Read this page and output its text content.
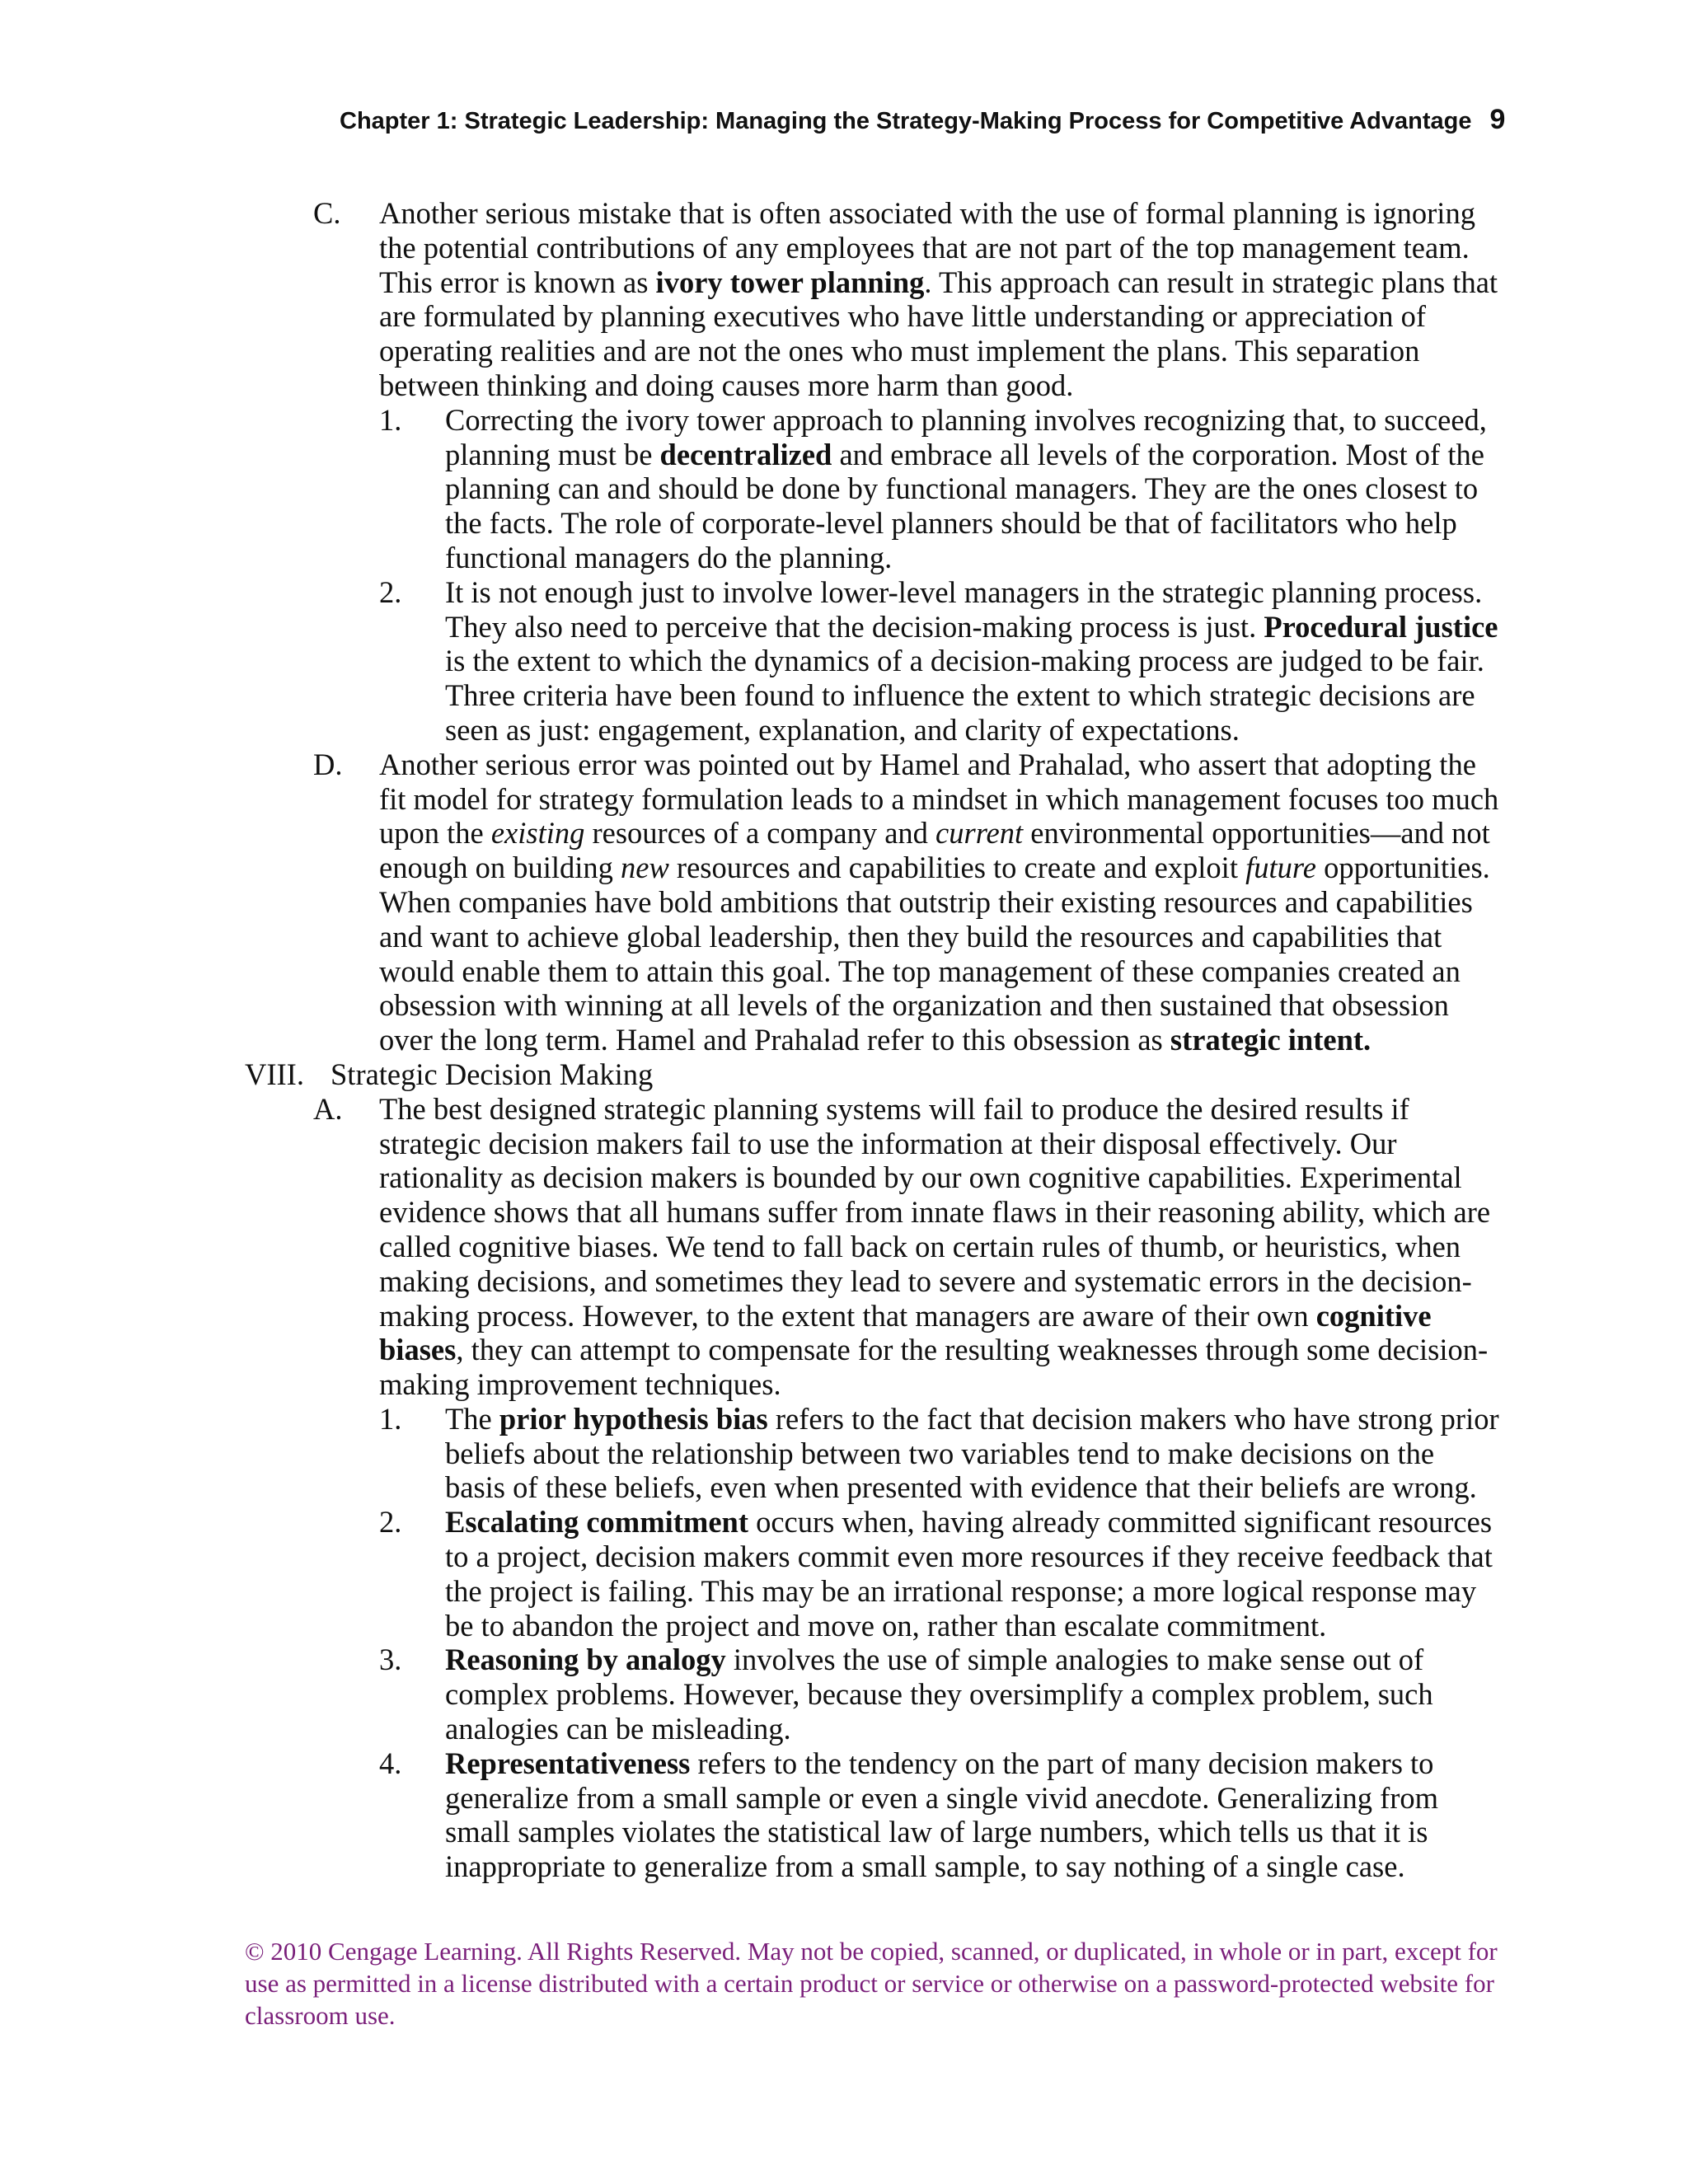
Chapter 1: Strategic Leadership: Managing the Strategy-Making Process for Competitive Advantage 9
C. Another serious mistake that is often associated with the use of formal planning is ignoring the potential contributions of any employees that are not part of the top management team. This error is known as ivory tower planning. This approach can result in strategic plans that are formulated by planning executives who have little understanding or appreciation of operating realities and are not the ones who must implement the plans. This separation between thinking and doing causes more harm than good.
1. Correcting the ivory tower approach to planning involves recognizing that, to succeed, planning must be decentralized and embrace all levels of the corporation. Most of the planning can and should be done by functional managers. They are the ones closest to the facts. The role of corporate-level planners should be that of facilitators who help functional managers do the planning.
2. It is not enough just to involve lower-level managers in the strategic planning process. They also need to perceive that the decision-making process is just. Procedural justice is the extent to which the dynamics of a decision-making process are judged to be fair. Three criteria have been found to influence the extent to which strategic decisions are seen as just: engagement, explanation, and clarity of expectations.
D. Another serious error was pointed out by Hamel and Prahalad, who assert that adopting the fit model for strategy formulation leads to a mindset in which management focuses too much upon the existing resources of a company and current environmental opportunities—and not enough on building new resources and capabilities to create and exploit future opportunities. When companies have bold ambitions that outstrip their existing resources and capabilities and want to achieve global leadership, then they build the resources and capabilities that would enable them to attain this goal. The top management of these companies created an obsession with winning at all levels of the organization and then sustained that obsession over the long term. Hamel and Prahalad refer to this obsession as strategic intent.
VIII. Strategic Decision Making
A. The best designed strategic planning systems will fail to produce the desired results if strategic decision makers fail to use the information at their disposal effectively. Our rationality as decision makers is bounded by our own cognitive capabilities. Experimental evidence shows that all humans suffer from innate flaws in their reasoning ability, which are called cognitive biases. We tend to fall back on certain rules of thumb, or heuristics, when making decisions, and sometimes they lead to severe and systematic errors in the decision-making process. However, to the extent that managers are aware of their own cognitive biases, they can attempt to compensate for the resulting weaknesses through some decision-making improvement techniques.
1. The prior hypothesis bias refers to the fact that decision makers who have strong prior beliefs about the relationship between two variables tend to make decisions on the basis of these beliefs, even when presented with evidence that their beliefs are wrong.
2. Escalating commitment occurs when, having already committed significant resources to a project, decision makers commit even more resources if they receive feedback that the project is failing. This may be an irrational response; a more logical response may be to abandon the project and move on, rather than escalate commitment.
3. Reasoning by analogy involves the use of simple analogies to make sense out of complex problems. However, because they oversimplify a complex problem, such analogies can be misleading.
4. Representativeness refers to the tendency on the part of many decision makers to generalize from a small sample or even a single vivid anecdote. Generalizing from small samples violates the statistical law of large numbers, which tells us that it is inappropriate to generalize from a small sample, to say nothing of a single case.
© 2010 Cengage Learning. All Rights Reserved. May not be copied, scanned, or duplicated, in whole or in part, except for use as permitted in a license distributed with a certain product or service or otherwise on a password-protected website for classroom use.
